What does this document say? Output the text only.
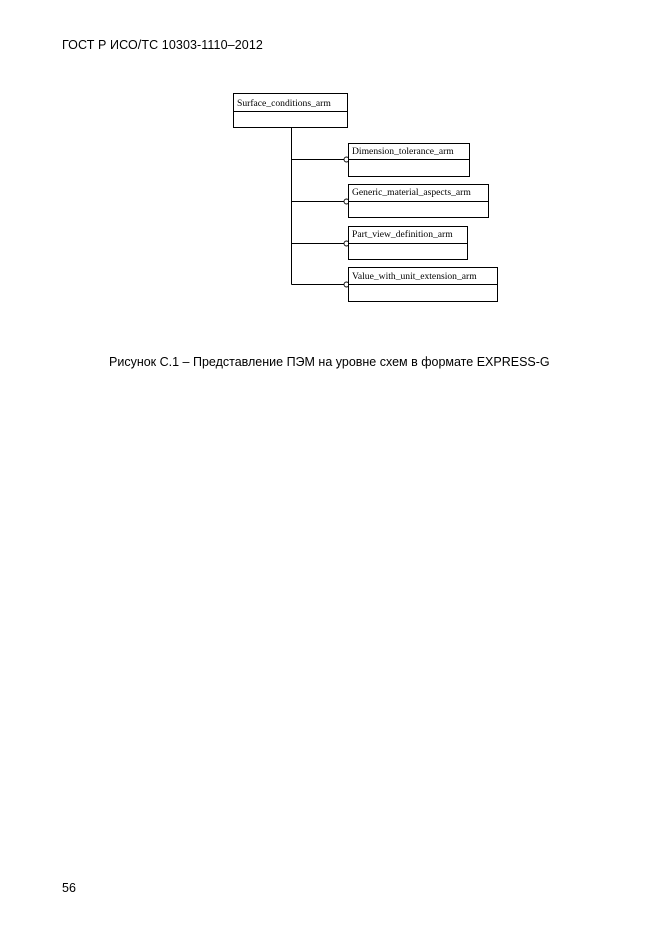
ГОСТ Р ИСО/ТС 10303-1110–2012
Surface_conditions_arm
Dimension_tolerance_arm
Generic_material_aspects_arm
Part_view_definition_arm
Value_with_unit_extension_arm
Рисунок С.1 – Представление ПЭМ на уровне схем в формате EXPRESS-G
56
